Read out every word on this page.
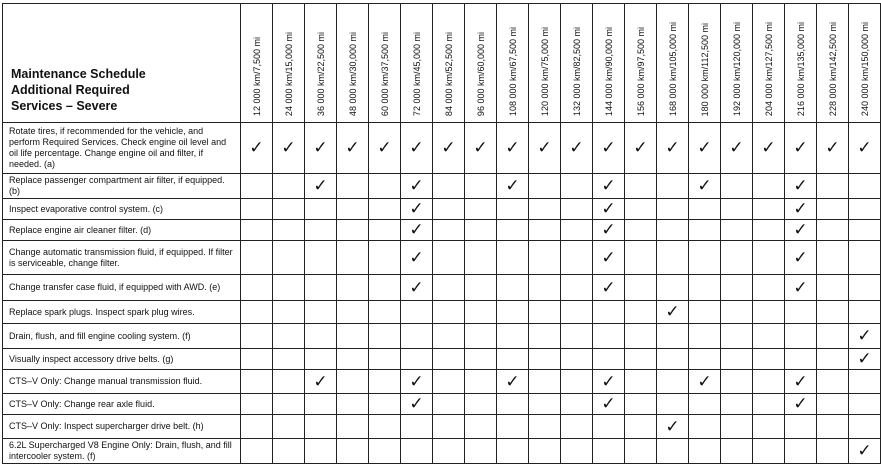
Maintenance Schedule
Additional Required
Services – Severe	12 000 km/7,500 mi	24 000 km/15,000 mi	36 000 km/22,500 mi	48 000 km/30,000 mi	60 000 km/37,500 mi	72 000 km/45,000 mi	84 000 km/52,500 mi	96 000 km/60,000 mi	108 000 km/67,500 mi	120 000 km/75,000 mi	132 000 km/82,500 mi	144 000 km/90,000 mi	156 000 km/97,500 mi	168 000 km/105,000 mi	180 000 km/112,500 mi	192 000 km/120,000 mi	204 000 km/127,500 mi	216 000 km/135,000 mi	228 000 km/142,500 mi	240 000 km/150,000 mi

Rotate tires, if recommended for the vehicle, and perform Required Services. Check engine oil level and oil life percentage. Change engine oil and filter, if needed. (a)	✓	✓	✓	✓	✓	✓	✓	✓	✓	✓	✓	✓	✓	✓	✓	✓	✓	✓	✓	✓
Replace passenger compartment air filter, if equipped. (b)			✓			✓			✓			✓			✓			✓		
Inspect evaporative control system. (c)						✓						✓						✓		
Replace engine air cleaner filter. (d)						✓						✓						✓		
Change automatic transmission fluid, if equipped. If filter is serviceable, change filter.						✓						✓						✓		
Change transfer case fluid, if equipped with AWD. (e)						✓						✓						✓		
Replace spark plugs. Inspect spark plug wires.														✓						
Drain, flush, and fill engine cooling system. (f)																				✓
Visually inspect accessory drive belts. (g)																				✓
CTS–V Only: Change manual transmission fluid.			✓			✓			✓			✓			✓			✓		
CTS–V Only: Change rear axle fluid.						✓						✓						✓		
CTS–V Only: Inspect supercharger drive belt. (h)														✓						
6.2L Supercharged V8 Engine Only: Drain, flush, and fill intercooler system. (f)																				✓
